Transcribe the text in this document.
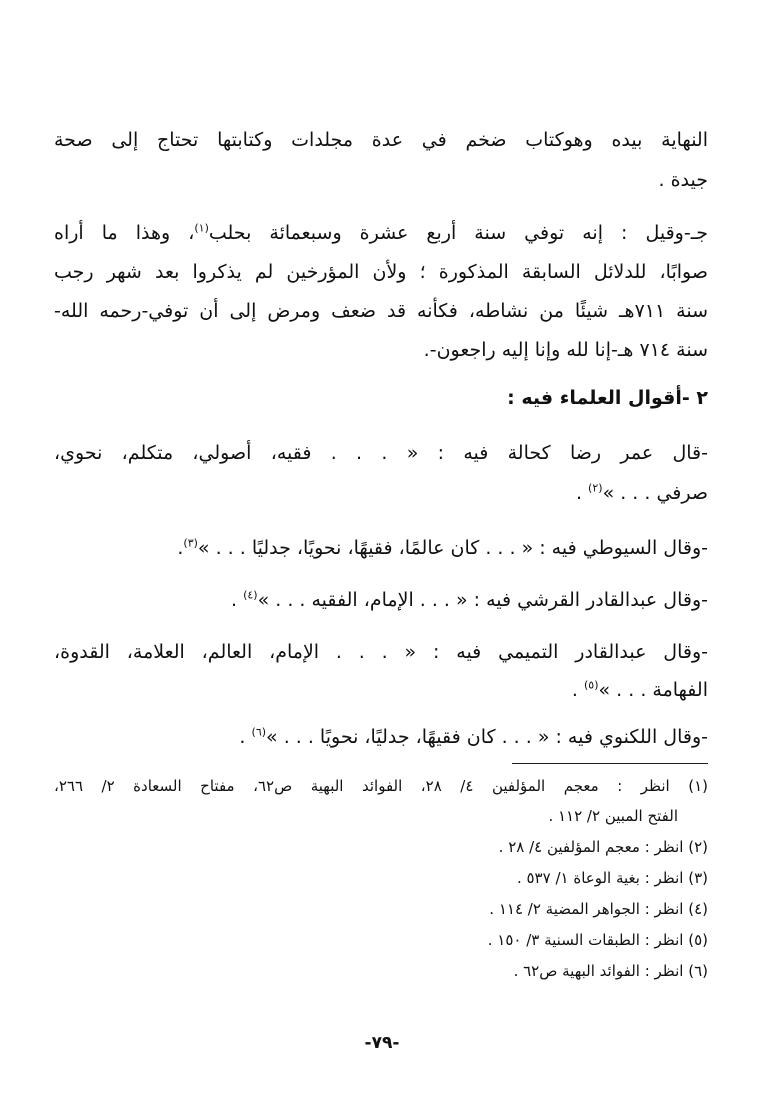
النهاية بيده وهوكتاب ضخم في عدة مجلدات وكتابتها تحتاج إلى صحة
جيدة .
جـ-وقيل : إنه توفي سنة أربع عشرة وسبعمائة بحلب$^{(١)}$، وهذا ما أراه
صوابًا، للدلائل السابقة المذكورة ؛ ولأن المؤرخين لم يذكروا بعد شهر رجب
سنة ٧١١هـ شيئًا من نشاطه، فكأنه قد ضعف ومرض إلى أن توفي-رحمه الله-
سنة ٧١٤ هـ-إنا لله وإنا إليه راجعون-.
٢ -أقوال العلماء فيه :
-قال عمر رضا كحالة فيه : « . . . فقيه، أصولي، متكلم، نحوي،
صرفي . . . »$^{(٢)}$ .
-وقال السيوطي فيه : « . . . كان عالمًا، فقيهًا، نحويًا، جدليًا . . . »$^{(٣)}$.
-وقال عبدالقادر القرشي فيه : « . . . الإمام، الفقيه . . . »$^{(٤)}$ .
-وقال عبدالقادر التميمي فيه : « . . . الإمام، العالم، العلامة، القدوة،
الفهامة . . . »$^{(٥)}$ .
-وقال اللكنوي فيه : « . . . كان فقيهًا، جدليًا، نحويًا . . . »$^{(٦)}$ .
(١) انظر : معجم المؤلفين ٤/ ٢٨، الفوائد البهية ص٦٢، مفتاح السعادة ٢/ ٢٦٦،
الفتح المبين ٢/ ١١٢ .
(٢) انظر : معجم المؤلفين ٤/ ٢٨ .
(٣) انظر : بغية الوعاة ١/ ٥٣٧ .
(٤) انظر : الجواهر المضية ٢/ ١١٤ .
(٥) انظر : الطبقات السنية ٣/ ١٥٠ .
(٦) انظر : الفوائد البهية ص٦٢ .
-٧٩-
